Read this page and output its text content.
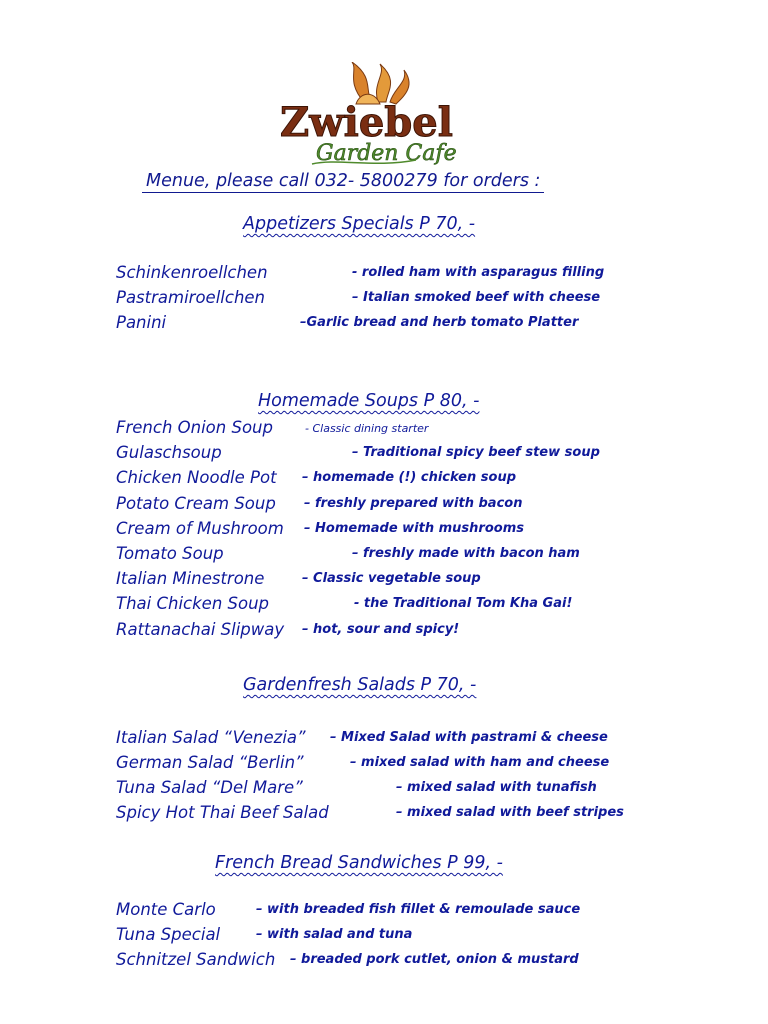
Zwiebel
Garden Cafe
Menue, please call 032- 5800279 for orders :
Appetizers Specials P 70, -
Schinkenroellchen	- rolled ham with asparagus filling
Pastramiroellchen	– Italian smoked beef with cheese
Panini	–Garlic bread and herb tomato Platter
Homemade Soups P 80, -
French Onion Soup	- Classic dining starter
Gulaschsoup	– Traditional spicy beef stew soup
Chicken Noodle Pot – homemade (!) chicken soup
Potato Cream Soup – freshly prepared with bacon
Cream of Mushroom – Homemade with mushrooms
Tomato Soup	– freshly made with bacon ham
Italian Minestrone	– Classic vegetable soup
Thai Chicken Soup	- the Traditional Tom Kha Gai!
Rattanachai Slipway – hot, sour and spicy!
Gardenfresh Salads P 70, -
Italian Salad “Venezia” – Mixed Salad with pastrami & cheese
German Salad “Berlin”	– mixed salad with ham and cheese
Tuna Salad “Del Mare”	– mixed salad with tunafish
Spicy Hot Thai Beef Salad	– mixed salad with beef stripes
French Bread Sandwiches P 99, -
Monte Carlo	– with breaded fish fillet & remoulade sauce
Tuna Special	– with salad and tuna
Schnitzel Sandwich – breaded pork cutlet, onion & mustard
